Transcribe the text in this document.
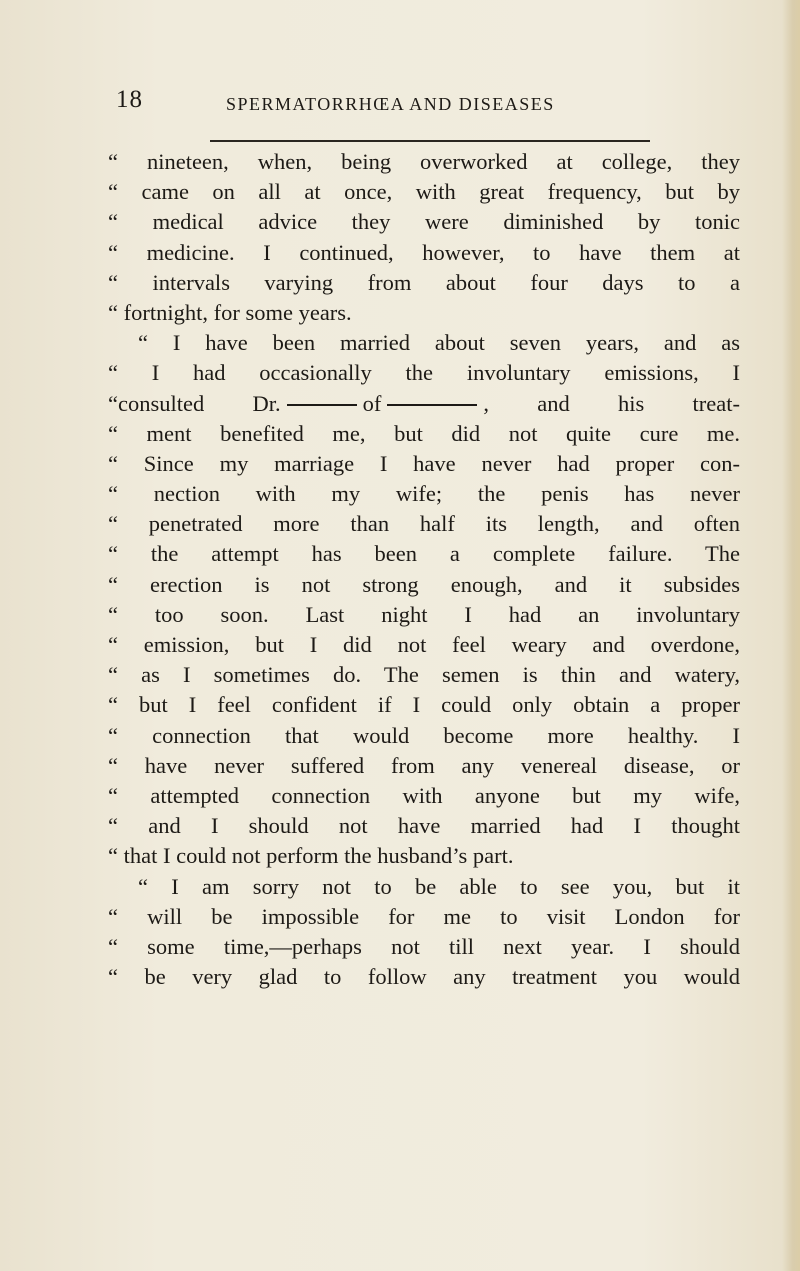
18	SPERMATORRHŒA AND DISEASES
“ nineteen, when, being overworked at college, they
“ came on all at once, with great frequency, but by
“ medical advice they were diminished by tonic
“ medicine. I continued, however, to have them at
“ intervals varying from about four days to a
“ fortnight, for some years.
“ I have been married about seven years, and as
“ I had occasionally the involuntary emissions, I
“consulted Dr.	of	, and his treat-
“ ment benefited me, but did not quite cure me.
“ Since my marriage I have never had proper con-
“ nection with my wife; the penis has never
“ penetrated more than half its length, and often
“ the attempt has been a complete failure. The
“ erection is not strong enough, and it subsides
“ too soon. Last night I had an involuntary
“ emission, but I did not feel weary and overdone,
“ as I sometimes do. The semen is thin and watery,
“ but I feel confident if I could only obtain a proper
“ connection that would become more healthy. I
“ have never suffered from any venereal disease, or
“ attempted connection with anyone but my wife,
“ and I should not have married had I thought
“ that I could not perform the husband’s part.
“ I am sorry not to be able to see you, but it
“ will be impossible for me to visit London for
“ some time,—perhaps not till next year. I should
“ be very glad to follow any treatment you would
